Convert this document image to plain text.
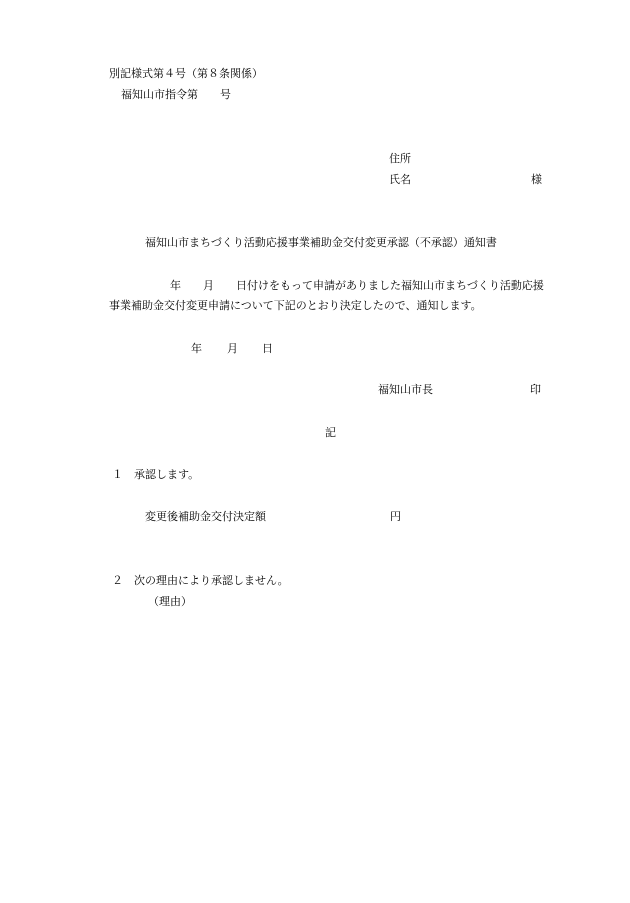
別記様式第４号（第８条関係）
福知山市指令第　　号
住所
氏名	様
福知山市まちづくり活動応援事業補助金交付変更承認（不承認）通知書
年 月 日付けをもって申請がありました福知山市まちづくり活動応援
事業補助金交付変更申請について下記のとおり決定したので、通知します。
年 月 日
福知山市長	印
記
１ 承認します。
変更後補助金交付決定額	円
２ 次の理由により承認しません。
（理由）
